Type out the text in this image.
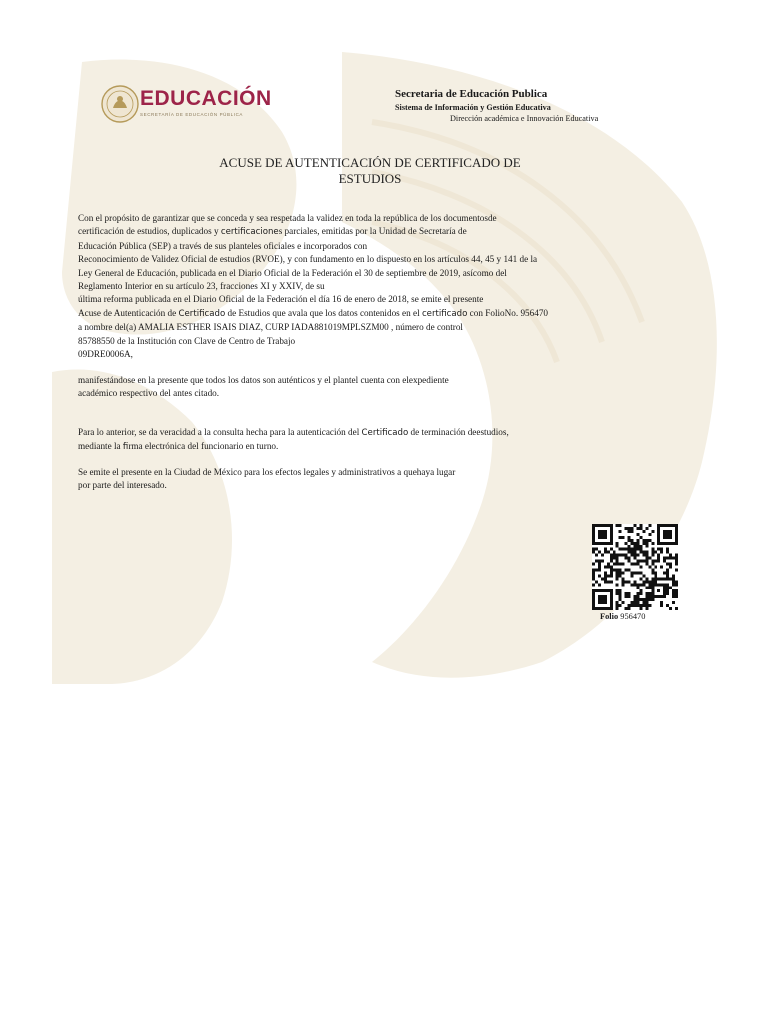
EDUCACIÓN
SECRETARÍA DE EDUCACIÓN PÚBLICA
Secretaria de Educación Publica
Sistema de Información y Gestión Educativa
Dirección académica e Innovación Educativa
ACUSE DE AUTENTICACIÓN DE CERTIFICADO DE
ESTUDIOS
Con el propósito de garantizar que se conceda y sea respetada la validez en toda la república de los documentosde
certificación de estudios, duplicados y certificaciones parciales, emitidas por la Unidad de Secretaría de
Educación Pública (SEP) a través de sus planteles oficiales e incorporados con
Reconocimiento de Validez Oficial de estudios (RVOE), y con fundamento en lo dispuesto en los artículos 44, 45 y 141 de la
Ley General de Educación, publicada en el Diario Oficial de la Federación el 30 de septiembre de 2019, asícomo del
Reglamento Interior en su artículo 23, fracciones XI y XXIV, de su
última reforma publicada en el Diario Oficial de la Federación el día 16 de enero de 2018, se emite el presente
Acuse de Autenticación de Certificado de Estudios que avala que los datos contenidos en el certificado con FolioNo. 956470
a nombre del(a) AMALIA ESTHER ISAIS DIAZ, CURP IADA881019MPLSZM00 , número de control
85788550 de la Institución con Clave de Centro de Trabajo
09DRE0006A,
manifestándose en la presente que todos los datos son auténticos y el plantel cuenta con elexpediente
académico respectivo del antes citado.
Para lo anterior, se da veracidad a la consulta hecha para la autenticación del Certificado de terminación deestudios,
mediante la firma electrónica del funcionario en turno.
Se emite el presente en la Ciudad de México para los efectos legales y administrativos a quehaya lugar
por parte del interesado.
Folio 956470
